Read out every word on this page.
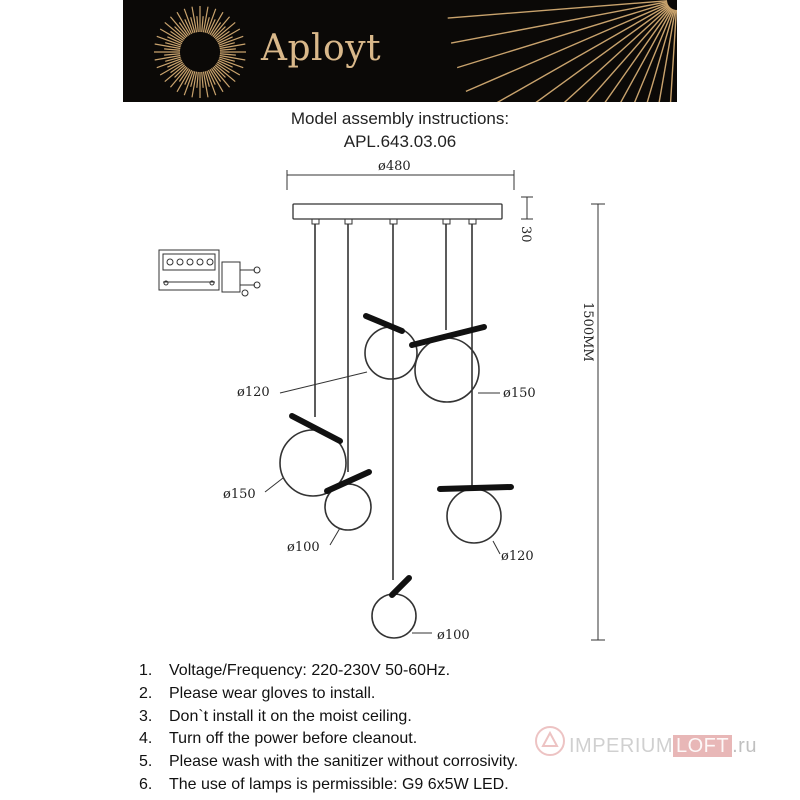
Aployt
Model assembly instructions:
APL.643.03.06
ø480
30
1500MM
ø120	ø150
ø150
ø100
ø120
ø100
1. Voltage/Frequency: 220-230V 50-60Hz.
2. Please wear gloves to install.
3. Don`t install it on the moist ceiling.
4. Turn off the power before cleanout.
5. Please wash with the sanitizer without corrosivity.
6. The use of lamps is permissible: G9 6x5W LED.
IMPERIUM LOFT .ru
